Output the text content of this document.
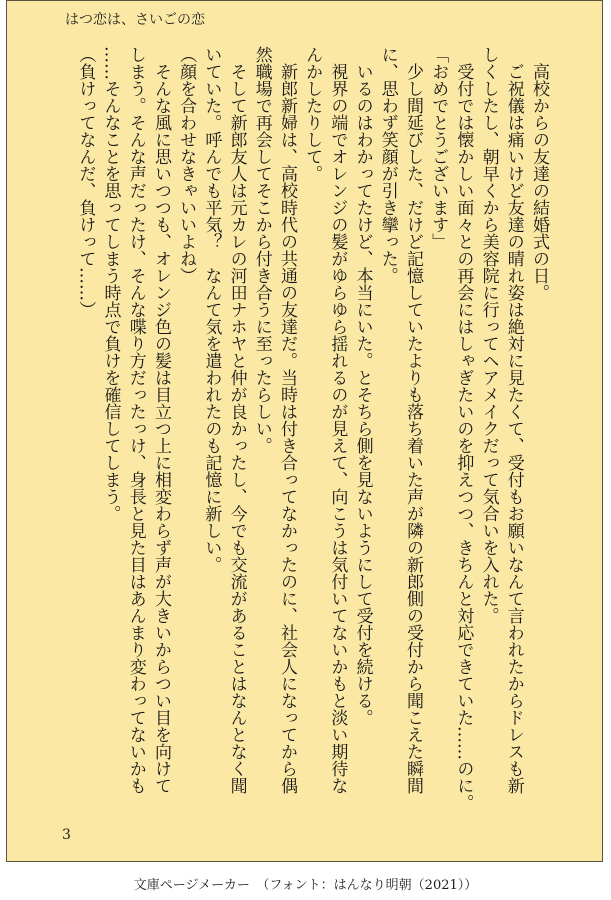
はつ恋は、さいごの恋
　高校からの友達の結婚式の日。
　ご祝儀は痛いけど友達の晴れ姿は絶対に見たくて、受付もお願いなんて言われたからドレスも新
しくしたし、朝早くから美容院に行ってヘアメイクだって気合いを入れた。
　受付では懐かしい面々との再会にはしゃぎたいのを抑えつつ、きちんと対応できていた……のに。
「おめでとうございます」
　少し間延びした、だけど記憶していたよりも落ち着いた声が隣の新郎側の受付から聞こえた瞬間
に、思わず笑顔が引き攣った。
　いるのはわかってたけど、本当にいた。とそちら側を見ないようにして受付を続ける。
　視界の端でオレンジの髪がゆらゆら揺れるのが見えて、向こうは気付いてないかもと淡い期待な
んかしたりして。
　新郎新婦は、高校時代の共通の友達だ。当時は付き合ってなかったのに、社会人になってから偶
然職場で再会してそこから付き合うに至ったらしい。
　そして新郎友人は元カレの河田ナホヤと仲が良かったし、今でも交流があることはなんとなく聞
いていた。呼んでも平気？　なんて気を遣われたのも記憶に新しい。
（顔を合わせなきゃいいよね）
　そんな風に思いつつも、オレンジ色の髪は目立つ上に相変わらず声が大きいからつい目を向けて
しまう。そんな声だったけ、そんな喋り方だったっけ、身長と見た目はあんまり変わってないかも
……そんなことを思ってしまう時点で負けを確信してしまう。
（負けってなんだ、負けって……）
3
文庫ページメーカー　（フォント：はんなり明朝（2021））
